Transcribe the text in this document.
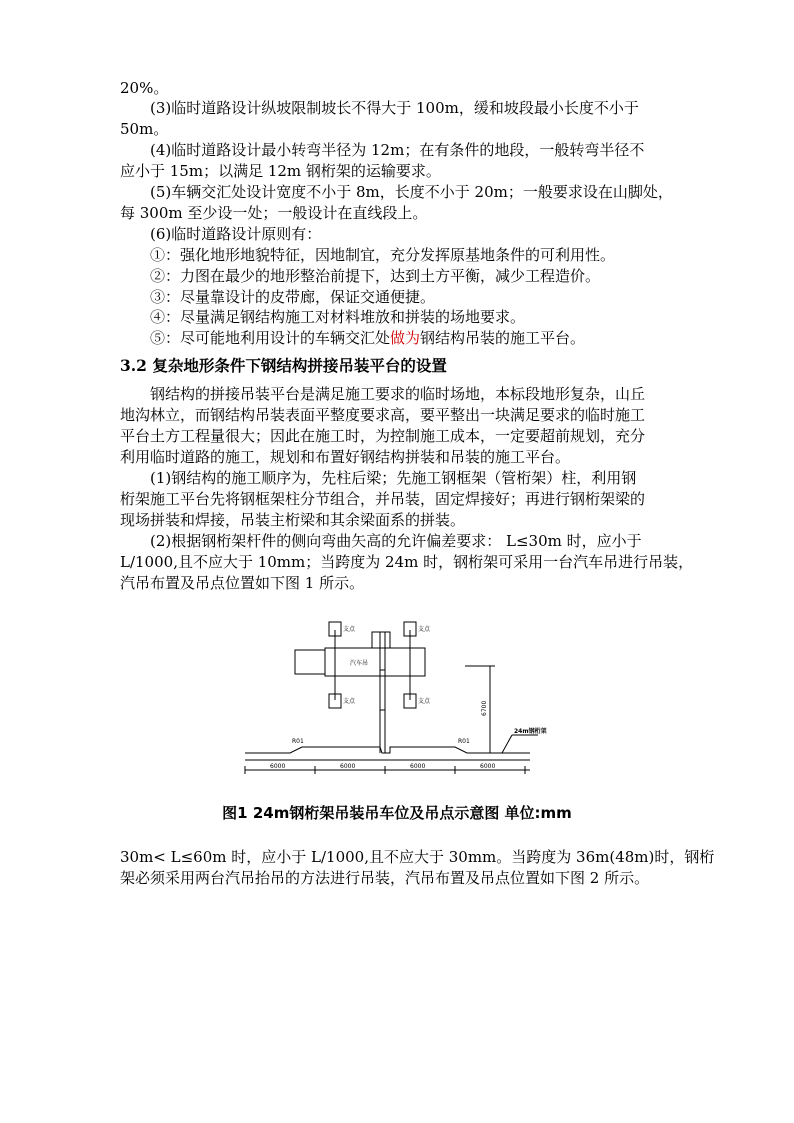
20%。
(3)临时道路设计纵坡限制坡长不得大于 100m，缓和坡段最小长度不小于
50m。
(4)临时道路设计最小转弯半径为 12m；在有条件的地段，一般转弯半径不
应小于 15m；以满足 12m 钢桁架的运输要求。
(5)车辆交汇处设计宽度不小于 8m，长度不小于 20m；一般要求设在山脚处，
每 300m 至少设一处；一般设计在直线段上。
(6)临时道路设计原则有：
①：强化地形地貌特征，因地制宜，充分发挥原基地条件的可利用性。
②：力图在最少的地形整治前提下，达到土方平衡，减少工程造价。
③：尽量靠设计的皮带廊，保证交通便捷。
④：尽量满足钢结构施工对材料堆放和拼装的场地要求。
⑤：尽可能地利用设计的车辆交汇处做为钢结构吊装的施工平台。
3.2 复杂地形条件下钢结构拼接吊装平台的设置
钢结构的拼接吊装平台是满足施工要求的临时场地，本标段地形复杂，山丘
地沟林立，而钢结构吊装表面平整度要求高，要平整出一块满足要求的临时施工
平台土方工程量很大；因此在施工时，为控制施工成本，一定要超前规划，充分
利用临时道路的施工，规划和布置好钢结构拼装和吊装的施工平台。
(1)钢结构的施工顺序为，先柱后梁；先施工钢框架（管桁架）柱，利用钢
桁架施工平台先将钢框架柱分节组合，并吊装，固定焊接好；再进行钢桁架梁的
现场拼装和焊接，吊装主桁梁和其余梁面系的拼装。
(2)根据钢桁架杆件的侧向弯曲矢高的允许偏差要求： L≤30m 时，应小于
L/1000,且不应大于 10mm；当跨度为 24m 时，钢桁架可采用一台汽车吊进行吊装，
汽吊布置及吊点位置如下图 1 所示。
汽车吊
支点
支点
支点
支点
R01	R01
6700
24m钢桁架
6000	6000	6000	6000
图1 24m钢桁架吊装吊车位及吊点示意图 单位:mm
30m< L≤60m 时，应小于 L/1000,且不应大于 30mm。当跨度为 36m(48m)时，钢桁
架必须采用两台汽吊抬吊的方法进行吊装，汽吊布置及吊点位置如下图 2 所示。
